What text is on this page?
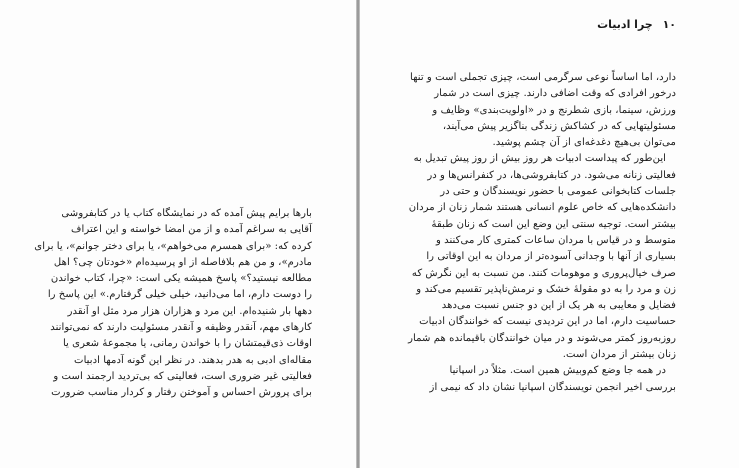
بارها برایم پیش آمده که در نمایشگاه کتاب یا در کتابفروشی
آقایی به سراغم آمده و از من امضا خواسته و این اعتراف
کرده که: «برای همسرم می‌خواهم»، یا برای دختر جوانم»، یا برای
مادرم»، و من هم بلافاصله از او پرسیده‌ام «خودتان چی؟ اهل
مطالعه نیستید؟» پاسخ همیشه یکی است: «چرا، کتاب خواندن
را دوست دارم، اما می‌دانید، خیلی خیلی گرفتارم.» این پاسخ را
دهها بار شنیده‌ام. این مرد و هزاران هزار مرد مثل او آنقدر
کارهای مهم، آنقدر وظیفه و آنقدر مسئولیت دارند که نمی‌توانند
اوقات ذی‌قیمتشان را با خواندن رمانی، یا مجموعهٔ شعری یا
مقاله‌ای ادبی به هدر بدهند. در نظر این گونه آدمها ادبیات
فعالیتی غیر ضروری است، فعالیتی که بی‌تردید ارجمند است و
برای پرورش احساس و آموختن رفتار و کردار مناسب ضرورت
۱۰ چرا ادبیات
دارد، اما اساساً نوعی سرگرمی است، چیزی تجملی است و تنها
درخور افرادی که وقت اضافی دارند. چیزی است در شمار
ورزش، سینما، بازی شطرنج و در «اولویت‌بندی» وظایف و
مسئولیتهایی که در کشاکش زندگی بناگزیر پیش می‌آیند،
می‌توان بی‌هیچ دغدغه‌ای از آن چشم پوشید.
این‌طور که پیداست ادبیات هر روز بیش از روز پیش تبدیل به
فعالیتی زنانه می‌شود. در کتابفروشی‌ها، در کنفرانس‌ها و در
جلسات کتابخوانی عمومی با حضور نویسندگان و حتی در
دانشکده‌هایی که خاص علوم انسانی هستند شمار زنان از مردان
بیشتر است. توجیه سنتی این وضع این است که زنان طبقهٔ
متوسط و در قیاس با مردان ساعات کمتری کار می‌کنند و
بسیاری از آنها با وجدانی آسوده‌تر از مردان به این اوقاتی را
صرف خیال‌پروری و موهومات کنند. من نسبت به این نگرش که
زن و مرد را به دو مقولهٔ خشک و نرمش‌ناپذیر تقسیم می‌کند و
فضایل و معایبی به هر یک از این دو جنس نسبت می‌دهد
حساسیت دارم، اما در این تردیدی نیست که خوانندگان ادبیات
روزبه‌روز کمتر می‌شوند و در میان خوانندگان باقیمانده هم شمار
زنان بیشتر از مردان است.
در همه جا وضع کم‌وبیش همین است. مثلاً در اسپانیا
بررسی اخیر انجمن نویسندگان اسپانیا نشان داد که نیمی از
